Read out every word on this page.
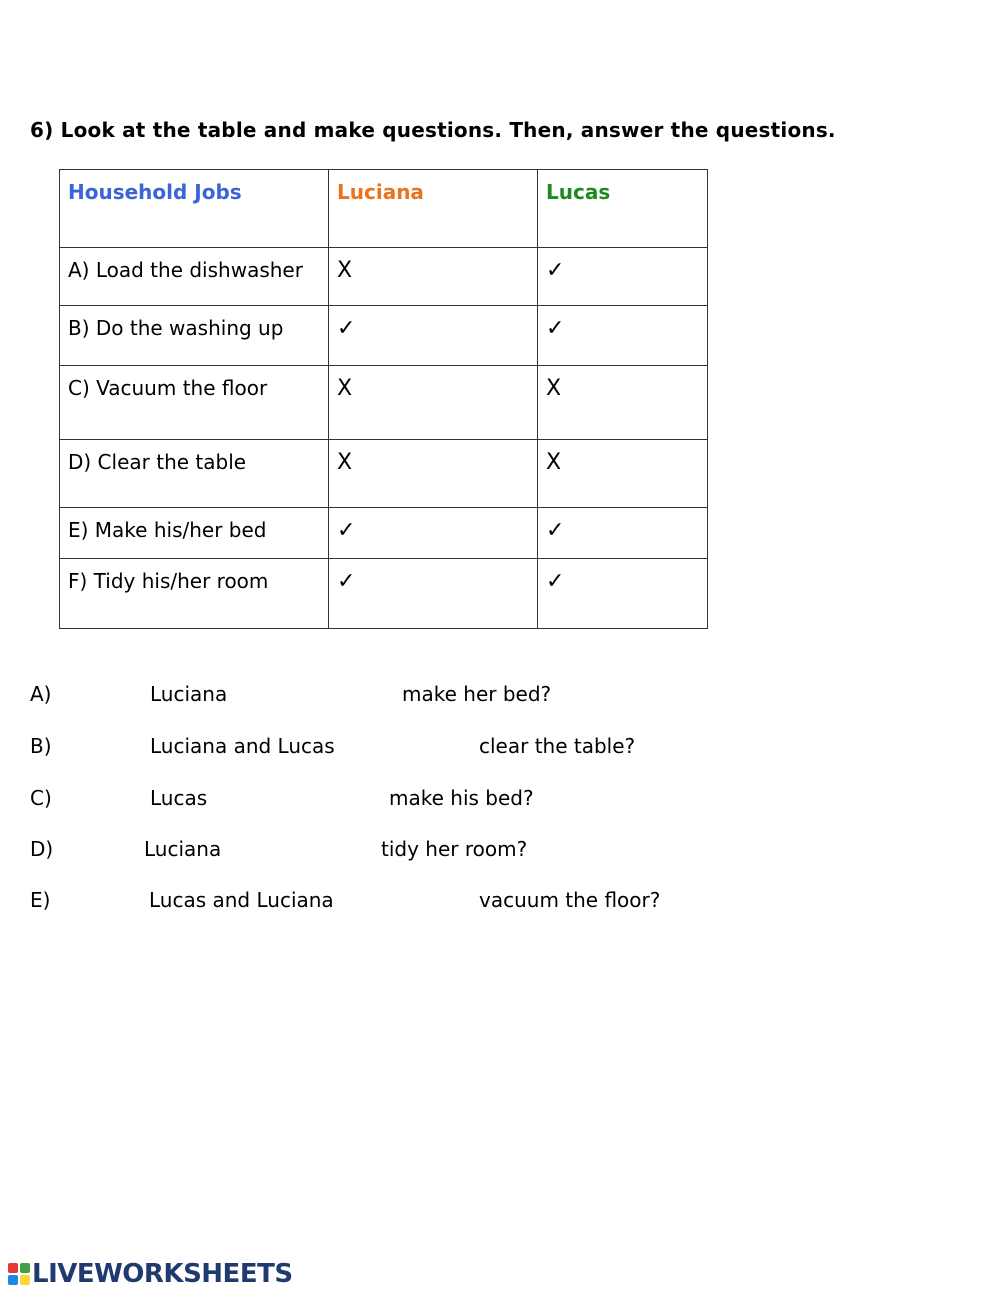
6) Look at the table and make questions. Then, answer the questions.

Household Jobs	Luciana	Lucas
A) Load the dishwasher	X	✓
B) Do the washing up	✓	✓
C) Vacuum the floor	X	X
D) Clear the table	X	X
E) Make his/her bed	✓	✓
F) Tidy his/her room	✓	✓

A)	Luciana	make her bed?

B)	Luciana and Lucas	clear the table?

C)	Lucas	make his bed?

D)	Luciana	tidy her room?

E)	Lucas and Luciana	vacuum the floor?

LIVEWORKSHEETS
